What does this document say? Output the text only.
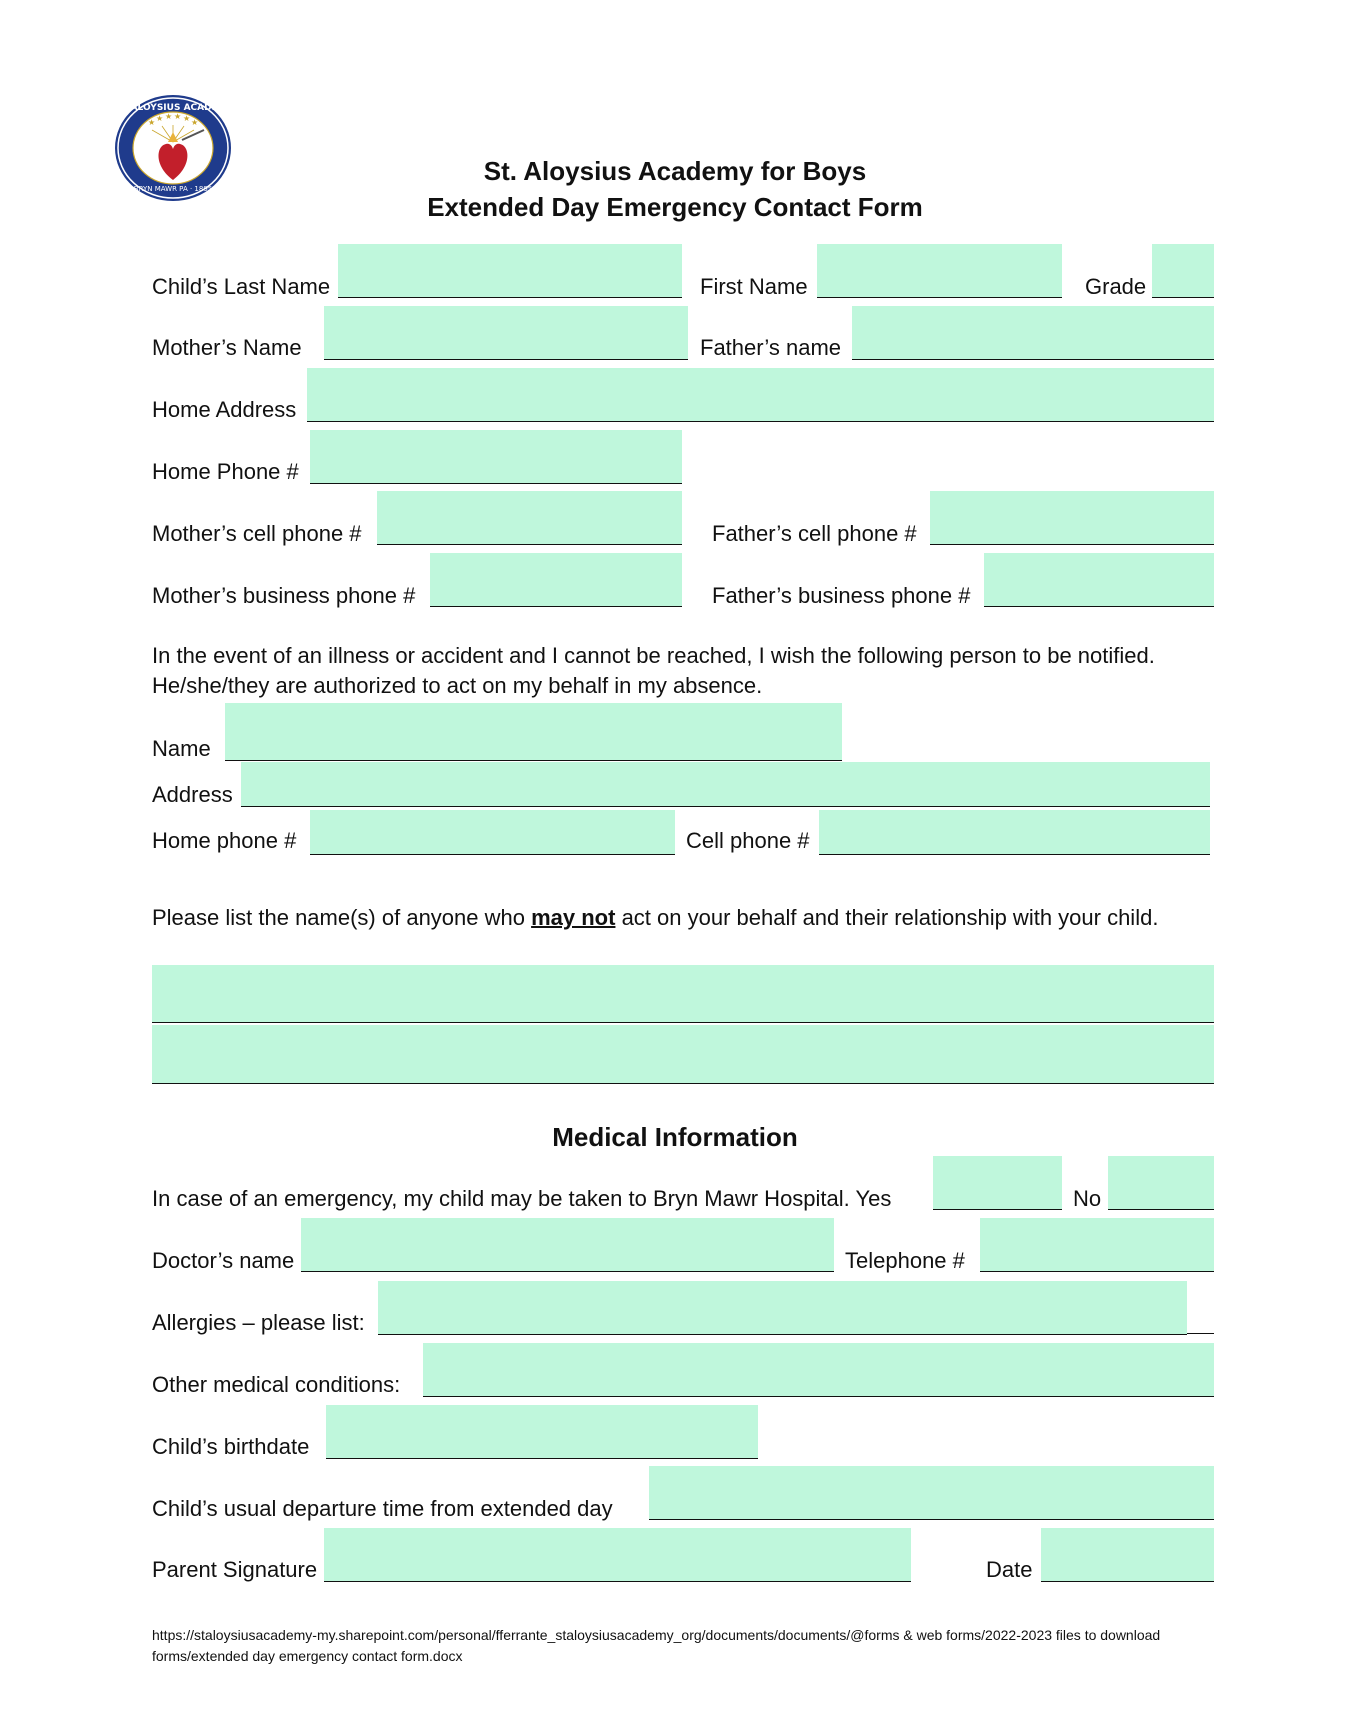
★ ★ ★ ★ ★ ★
ST. ALOYSIUS ACADEMY
BRYN MAWR PA · 1895
St. Aloysius Academy for Boys
Extended Day Emergency Contact Form
Child’s Last Name	First Name	Grade
Mother’s Name	Father’s name
Home Address
Home Phone #
Mother’s cell phone #	Father’s cell phone #
Mother’s business phone #	Father’s business phone #
In the event of an illness or accident and I cannot be reached, I wish the following person to be notified. He/she/they are authorized to act on my behalf in my absence.
Name
Address
Home phone #	Cell phone #
Please list the name(s) of anyone who may not act on your behalf and their relationship with your child.
Medical Information
In case of an emergency, my child may be taken to Bryn Mawr Hospital. Yes	No
Doctor’s name	Telephone #
Allergies – please list:
Other medical conditions:
Child’s birthdate
Child’s usual departure time from extended day
Parent Signature	Date
https://staloysiusacademy-my.sharepoint.com/personal/fferrante_staloysiusacademy_org/documents/documents/@forms & web forms/2022-2023 files to download forms/extended day emergency contact form.docx
